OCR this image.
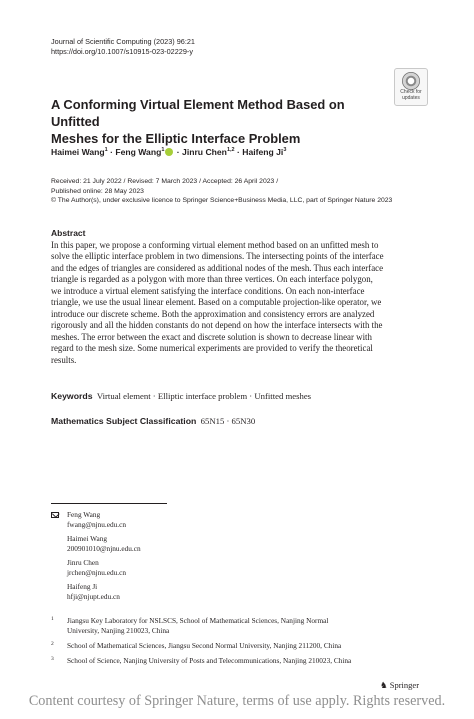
Journal of Scientific Computing (2023) 96:21
https://doi.org/10.1007/s10915-023-02229-y
Check for
updates
A Conforming Virtual Element Method Based on Unfitted
Meshes for the Elliptic Interface Problem
Haimei Wang$^1$ · Feng Wang$^1$ · Jinru Chen$^{1,2}$ · Haifeng Ji$^3$
Received: 21 July 2022 / Revised: 7 March 2023 / Accepted: 26 April 2023 /
Published online: 28 May 2023
© The Author(s), under exclusive licence to Springer Science+Business Media, LLC, part of Springer Nature 2023
Abstract
In this paper, we propose a conforming virtual element method based on an unfitted mesh to
solve the elliptic interface problem in two dimensions. The intersecting points of the interface
and the edges of triangles are considered as additional nodes of the mesh. Thus each interface
triangle is regarded as a polygon with more than three vertices. On each interface polygon,
we introduce a virtual element satisfying the interface conditions. On each non-interface
triangle, we use the usual linear element. Based on a computable projection-like operator, we
introduce our discrete scheme. Both the approximation and consistency errors are analyzed
rigorously and all the hidden constants do not depend on how the interface intersects with the
meshes. The error between the exact and discrete solution is shown to decrease linear with
regard to the mesh size. Some numerical experiments are provided to verify the theoretical
results.
Keywords Virtual element · Elliptic interface problem · Unfitted meshes
Mathematics Subject Classification 65N15 · 65N30
Feng Wang
fwang@njnu.edu.cn
Haimei Wang
200901010@njnu.edu.cn
Jinru Chen
jrchen@njnu.edu.cn
Haifeng Ji
hfji@njupt.edu.cn
1 Jiangsu Key Laboratory for NSLSCS, School of Mathematical Sciences, Nanjing Normal
University, Nanjing 210023, China
2 School of Mathematical Sciences, Jiangsu Second Normal University, Nanjing 211200, China
3 School of Science, Nanjing University of Posts and Telecommunications, Nanjing 210023, China
♞ Springer
Content courtesy of Springer Nature, terms of use apply. Rights reserved.
